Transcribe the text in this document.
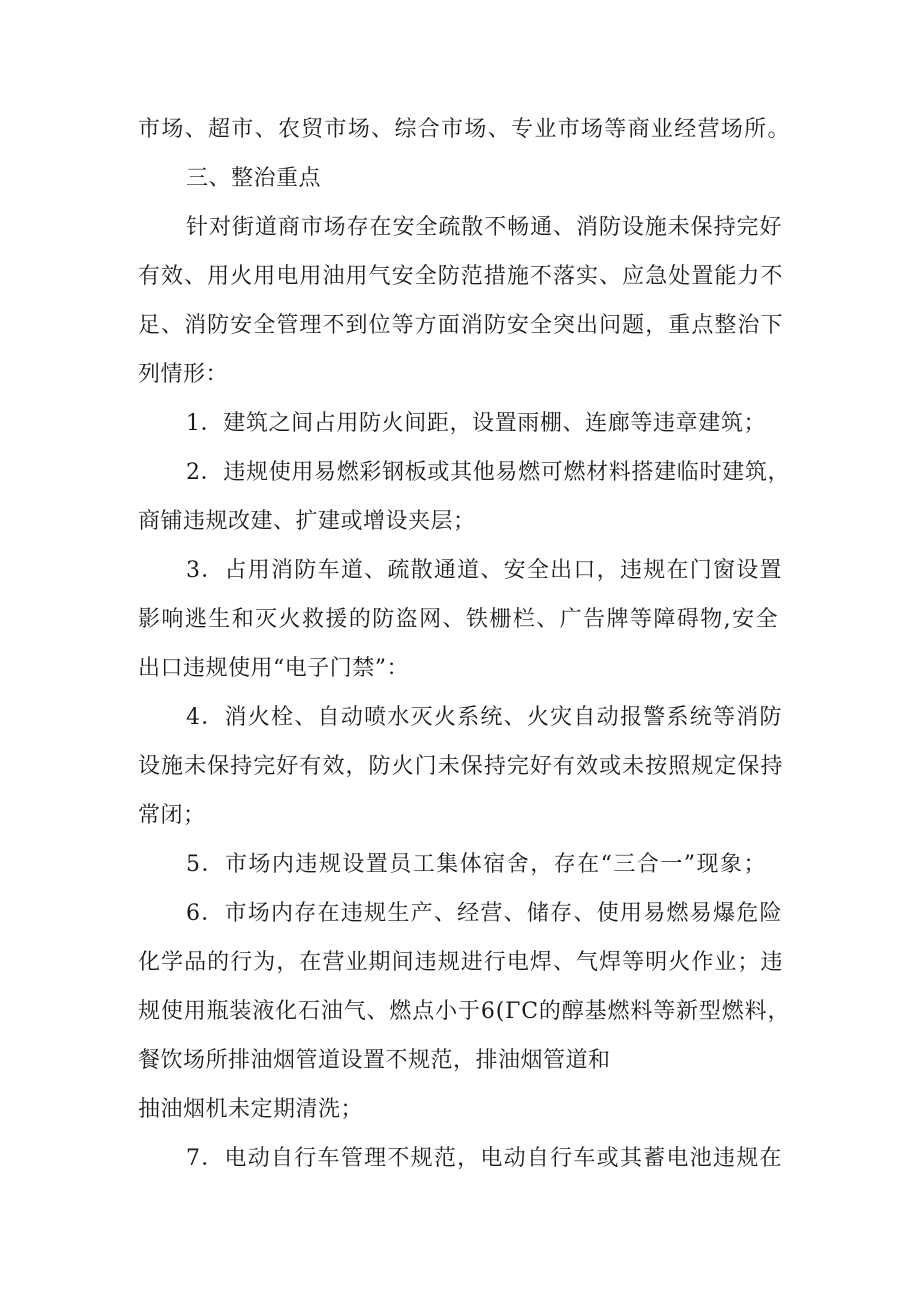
市场、超市、农贸市场、综合市场、专业市场等商业经营场所。

三、整治重点

针对街道商市场存在安全疏散不畅通、消防设施未保持完好

有效、用火用电用油用气安全防范措施不落实、应急处置能力不

足、消防安全管理不到位等方面消防安全突出问题，重点整治下

列情形：

1．建筑之间占用防火间距，设置雨棚、连廊等违章建筑；

2．违规使用易燃彩钢板或其他易燃可燃材料搭建临时建筑，

商铺违规改建、扩建或增设夹层；

3．占用消防车道、疏散通道、安全出口，违规在门窗设置

影响逃生和灭火救援的防盗网、铁栅栏、广告牌等障碍物,安全

出口违规使用“电子门禁”：

4．消火栓、自动喷水灭火系统、火灾自动报警系统等消防

设施未保持完好有效，防火门未保持完好有效或未按照规定保持

常闭；

5．市场内违规设置员工集体宿舍，存在“三合一”现象；

6．市场内存在违规生产、经营、储存、使用易燃易爆危险

化学品的行为，在营业期间违规进行电焊、气焊等明火作业；违

规使用瓶装液化石油气、燃点小于6(ΓC的醇基燃料等新型燃料，

餐饮场所排油烟管道设置不规范，排油烟管道和

抽油烟机未定期清洗；

7．电动自行车管理不规范，电动自行车或其蓄电池违规在
